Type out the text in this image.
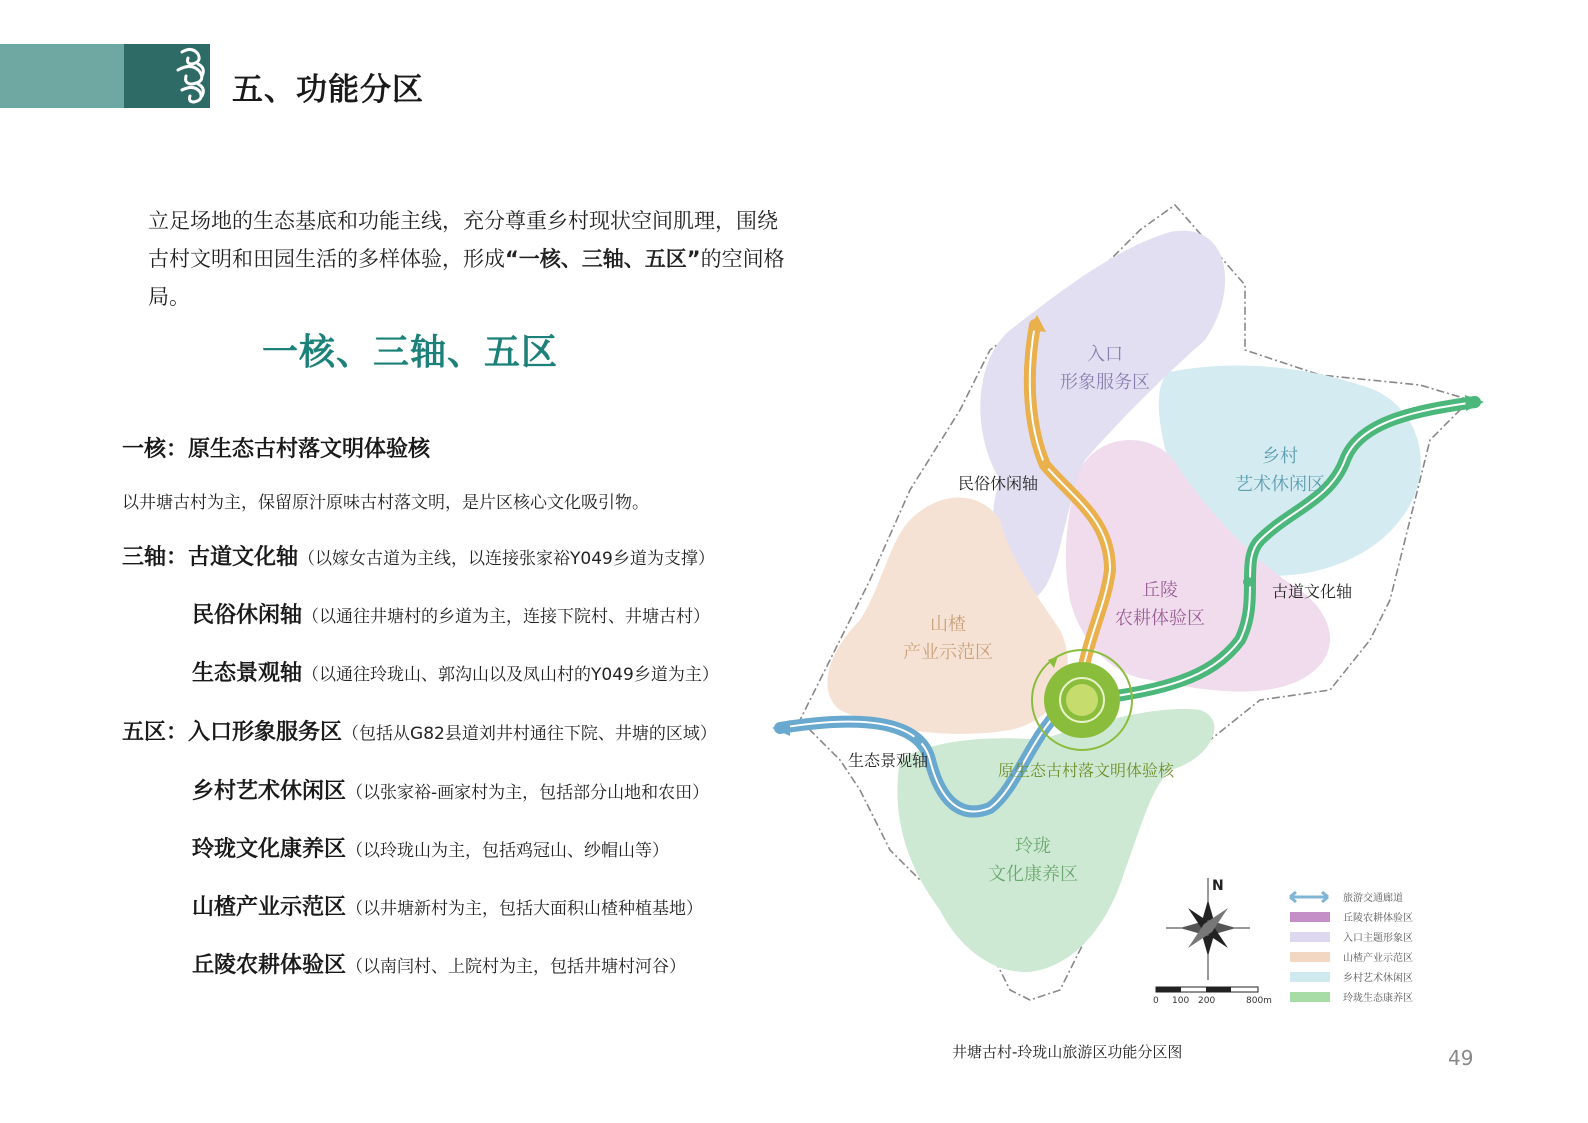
五、功能分区
立足场地的生态基底和功能主线，充分尊重乡村现状空间肌理，围绕古村文明和田园生活的多样体验，形成“一核、三轴、五区”的空间格局。
一核、三轴、五区
一核：原生态古村落文明体验核
以井塘古村为主，保留原汁原味古村落文明，是片区核心文化吸引物。
三轴：古道文化轴（以嫁女古道为主线，以连接张家裕Y049乡道为支撑）
民俗休闲轴（以通往井塘村的乡道为主，连接下院村、井塘古村）
生态景观轴（以通往玲珑山、郭沟山以及凤山村的Y049乡道为主）
五区：入口形象服务区（包括从G82县道刘井村通往下院、井塘的区域）
乡村艺术休闲区（以张家裕-画家村为主，包括部分山地和农田）
玲珑文化康养区（以玲珑山为主，包括鸡冠山、纱帽山等）
山楂产业示范区（以井塘新村为主，包括大面积山楂种植基地）
丘陵农耕体验区（以南闫村、上院村为主，包括井塘村河谷）
入口
形象服务区
乡村
艺术休闲区
丘陵
农耕体验区
山楂
产业示范区
玲珑
文化康养区
民俗休闲轴
古道文化轴
生态景观轴
原生态古村落文明体验核
N
0 100 200	800m
旅游交通廊道
丘陵农耕体验区
入口主题形象区
山楂产业示范区
乡村艺术休闲区
玲珑生态康养区
井塘古村-玲珑山旅游区功能分区图	49
